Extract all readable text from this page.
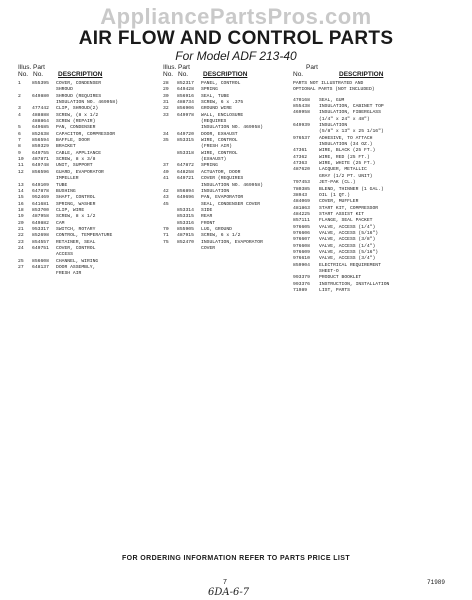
AppliancePartsPros.com
AIR FLOW AND CONTROL PARTS
For Model ADF 213-40
Illus.
No.
Part
No. DESCRIPTION
1	855395	COVER, CONDENSER
SHROUD
2	649880	SHROUD (REQUIRES
INSULATION NO. 469958)
3	477442	CLIP, SHROUD(2)
4	488888	SCREW, (8 x 1/2
488864	SCREW (REPAIR)
5	649685	PAN, CONDENSER
6	852638	CAPACITOR, COMPRESSOR
7	856594	BAFFLE, DOOR
8	859329	BRACKET
9	649755	CABLE, APPLIANCE
10	487871	SCREW, 8 x 3/8
11	649748	UNIT, SUPPORT
12	856596	GUARD, EVAPORATOR
IMPELLER
13	649109	TUBE
14	647878	BUSHING
15	952469	SHAFT, CONTROL
16	641681	SPRING, WASHER
18	853700	CLIP, WIRE
19	487958	SCREW, 8 x 1/2
20	649882	CAM
21	953317	SWITCH, ROTARY
22	852698	CONTROL, TEMPERATURE
23	854557	RETAINER, SEAL
24	649751	COVER, CONTROL
ACCESS
25	856608	CHANNEL, WIRING
27	648137	DOOR ASSEMBLY,
FRESH AIR
Illus.
No.
Part
No. DESCRIPTION
28	852317	PANEL, CONTROL
29	649428	SPRING
30	856916	SEAL, TUBE
31	488734	SCREW, 6 x .375
32	856906	GROUND WIRE
33	649978	WALL, ENCLOSURE
(REQUIRES
INSULATION NO. 469958)
34	649720	DOOR, EXHAUST
35	853315	WIRE, CONTROL
(FRESH AIR)
853318	WIRE, CONTROL
(EXHAUST)
37	647872	SPRING
40	648258	ACTUATOR, DOOR
41	649721	COVER (REQUIRES
INSULATION NO. 469958)
42	856894	INSULATION
43	649696	PAN, EVAPORATOR
45	SEAL, CONDENSER COVER
853314	SIDE
853315	REAR
853316	FRONT
70	855905	LUG, GROUND
71	487915	SCREW, 6 x 1/2
75	852470	INSULATION, EVAPORATOR
COVER
Part
No.	DESCRIPTION
PARTS NOT ILLUSTRATED AND
OPTIONAL PARTS (NOT INCLUDED)
470168	SEAL, GUM
855438	INSULATION, CABINET TOP
469958	INSULATION, FIBERGLASS
(1/4" x 24" x 48")
649939	INSULATION
(5/8" x 13" x 25 1/16")
976537	ADHESIVE, TO ATTACH
INSULATION (34 OZ.)
47361	WIRE, BLACK (25 FT.)
47362	WIRE, RED (25 FT.)
47363	WIRE, WHITE (25 FT.)
487620	LACQUER, METALLIC
GRAY (1/2 PT. UNIT)
797453	JET-PAK (CL.)
780385	BLEND, THINNER (1 GAL.)
38943	OIL (1 QT.)
484069	COVER, MUFFLER
481863	START KIT, COMPRESSOR
484225	START ASSIST KIT
857111	FLANGE, SEAL PACKET
976605	VALVE, ACCESS (1/4")
976606	VALVE, ACCESS (5/16")
976607	VALVE, ACCESS (3/8")
976608	VALVE, ACCESS (1/4")
976609	VALVE, ACCESS (5/16")
976610	VALVE, ACCESS (3/4")
859904	ELECTRICAL REQUIREMENT
SHEET-O
993379	PRODUCT BOOKLET
993376	INSTRUCTION, INSTALLATION
71989	LIST, PARTS
FOR ORDERING INFORMATION REFER TO PARTS PRICE LIST
7	71989
6DA-6-7
